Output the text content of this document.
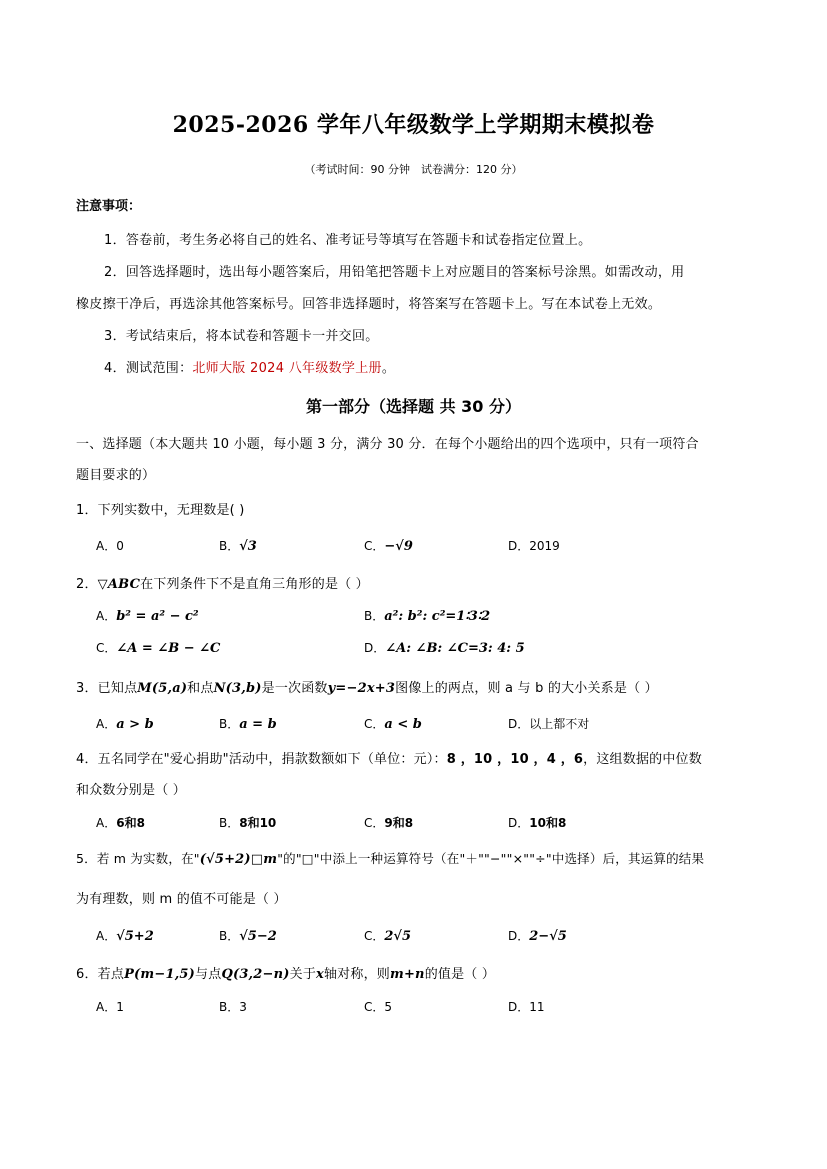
2025-2026 学年八年级数学上学期期末模拟卷
（考试时间：90 分钟　试卷满分：120 分）
注意事项：
1．答卷前，考生务必将自己的姓名、准考证号等填写在答题卡和试卷指定位置上。
2．回答选择题时，选出每小题答案后，用铅笔把答题卡上对应题目的答案标号涂黑。如需改动，用
橡皮擦干净后，再选涂其他答案标号。回答非选择题时，将答案写在答题卡上。写在本试卷上无效。
3．考试结束后，将本试卷和答题卡一并交回。
4．测试范围：北师大版 2024 八年级数学上册。
第一部分（选择题 共 30 分）
一、选择题（本大题共 10 小题，每小题 3 分，满分 30 分．在每个小题给出的四个选项中，只有一项符合
题目要求的）
1．下列实数中，无理数是( )
A．0	B．√3	C．−√9	D．2019
2．▽ABC在下列条件下不是直角三角形的是（ ）
A．b² = a² − c²	B．a²: b²: c²=1∶3∶2
C．∠A = ∠B − ∠C	D．∠A: ∠B: ∠C=3: 4: 5
3．已知点M(5,a)和点N(3,b)是一次函数y=−2x+3图像上的两点，则 a 与 b 的大小关系是（ ）
A．a > b	B．a = b	C．a < b	D．以上都不对
4．五名同学在"爱心捐助"活动中，捐款数额如下（单位：元）：8 ，10 ，10 ，4 ，6，这组数据的中位数
和众数分别是（ ）
A．6和8	B．8和10	C．9和8	D．10和8
5．若 m 为实数，在"(√5+2)□m"的"□"中添上一种运算符号（在"＋""−""×""÷"中选择）后，其运算的结果
为有理数，则 m 的值不可能是（ ）
A．√5+2	B．√5−2	C．2√5	D．2−√5
6．若点P(m−1,5)与点Q(3,2−n)关于x轴对称，则m+n的值是（ ）
A．1	B．3	C．5	D．11
